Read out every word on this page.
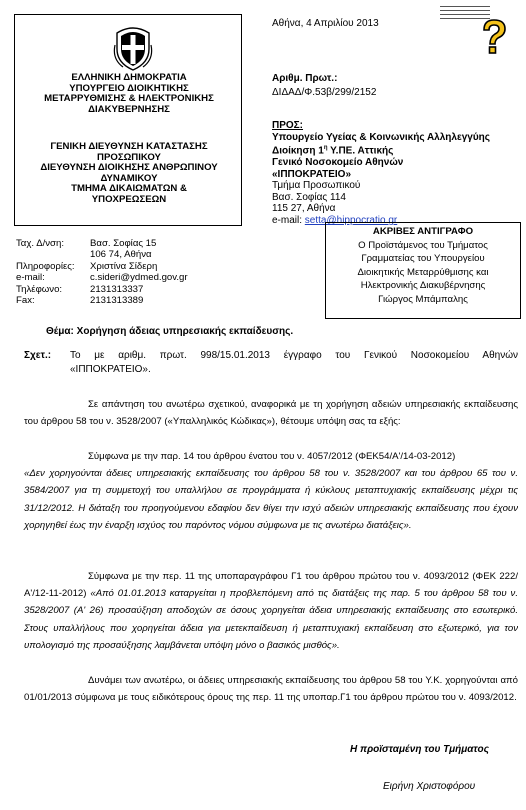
ΕΛΛΗΝΙΚΗ ΔΗΜΟΚΡΑΤΙΑ
ΥΠΟΥΡΓΕΙΟ ΔΙΟΙΚΗΤΙΚΗΣ
ΜΕΤΑΡΡΥΘΜΙΣΗΣ & ΗΛΕΚΤΡΟΝΙΚΗΣ
ΔΙΑΚΥΒΕΡΝΗΣΗΣ
ΓΕΝΙΚΗ ΔΙΕΥΘΥΝΣΗ ΚΑΤΑΣΤΑΣΗΣ
ΠΡΟΣΩΠΙΚΟΥ
ΔΙΕΥΘΥΝΣΗ ΔΙΟΙΚΗΣΗΣ ΑΝΘΡΩΠΙΝΟΥ
ΔΥΝΑΜΙΚΟΥ
ΤΜΗΜΑ ΔΙΚΑΙΩΜΑΤΩΝ &
ΥΠΟΧΡΕΩΣΕΩΝ
Αθήνα, 4 Απριλίου 2013
Αριθμ. Πρωτ.:
ΔΙΔΑΔ/Φ.53β/299/2152
ΠΡΟΣ:
Υπουργείο Υγείας & Κοινωνικής Αλληλεγγύης
Διοίκηση $1^\eta$ Υ.ΠΕ. Αττικής
Γενικό Νοσοκομείο Αθηνών
«ΙΠΠΟΚΡΑΤΕΙΟ»
Τμήμα Προσωπικού
Βασ. Σοφίας 114
115 27, Αθήνα
e-mail: setta@hippocratio.gr
ΑΚΡΙΒΕΣ ΑΝΤΙΓΡΑΦΟ
Ο Προϊστάμενος του Τμήματος
Γραμματείας του Υπουργείου
Διοικητικής Μεταρρύθμισης και
Ηλεκτρονικής Διακυβέρνησης
Γιώργος Μπάμπαλης
Ταχ. Δ/νση:	Βασ. Σοφίας 15
106 74, Αθήνα
Πληροφορίες: Χριστίνα Σίδερη
e-mail:	c.sideri@ydmed.gov.gr
Τηλέφωνο:	2131313337
Fax:	2131313389
Θέμα: Χορήγηση άδειας υπηρεσιακής εκπαίδευσης.
Σχετ.: Το με αριθμ. πρωτ. 998/15.01.2013 έγγραφο του Γενικού Νοσοκομείου Αθηνών
«ΙΠΠΟΚΡΑΤΕΙΟ».
Σε απάντηση του ανωτέρω σχετικού, αναφορικά με τη χορήγηση αδειών υπηρεσιακής εκπαίδευσης του άρθρου 58 του ν. 3528/2007 («Υπαλληλικός Κώδικας»), θέτουμε υπόψη σας τα εξής:
Σύμφωνα με την παρ. 14 του άρθρου ένατου του ν. 4057/2012 (ΦΕΚ54/Α'/14-03-2012)
«Δεν χορηγούνται άδειες υπηρεσιακής εκπαίδευσης του άρθρου 58 του ν. 3528/2007 και του άρθρου 65 του ν. 3584/2007 για τη συμμετοχή του υπαλλήλου σε προγράμματα ή κύκλους μεταπτυχιακής εκπαίδευσης μέχρι τις 31/12/2012. Η διάταξη του προηγούμενου εδαφίου δεν θίγει την ισχύ αδειών υπηρεσιακής εκπαίδευσης που έχουν χορηγηθεί έως την έναρξη ισχύος του παρόντος νόμου σύμφωνα με τις ανωτέρω διατάξεις».
Σύμφωνα με την περ. 11 της υποπαραγράφου Γ1 του άρθρου πρώτου του ν. 4093/2012 (ΦΕΚ 222/Α'/12-11-2012) «Από 01.01.2013 καταργείται η προβλεπόμενη από τις διατάξεις της παρ. 5 του άρθρου 58 του ν. 3528/2007 (Α' 26) προσαύξηση αποδοχών σε όσους χορηγείται άδεια υπηρεσιακής εκπαίδευσης στο εσωτερικό. Στους υπαλλήλους που χορηγείται άδεια για μετεκπαίδευση ή μεταπτυχιακή εκπαίδευση στο εξωτερικό, για τον υπολογισμό της προσαύξησης λαμβάνεται υπόψη μόνο ο βασικός μισθός».
Δυνάμει των ανωτέρω, οι άδειες υπηρεσιακής εκπαίδευσης του άρθρου 58 του Υ.Κ. χορηγούνται από 01/01/2013 σύμφωνα με τους ειδικότερους όρους της περ. 11 της υποπαρ.Γ1 του άρθρου πρώτου του ν. 4093/2012.
Η προϊσταμένη του Τμήματος
Ειρήνη Χριστοφόρου
